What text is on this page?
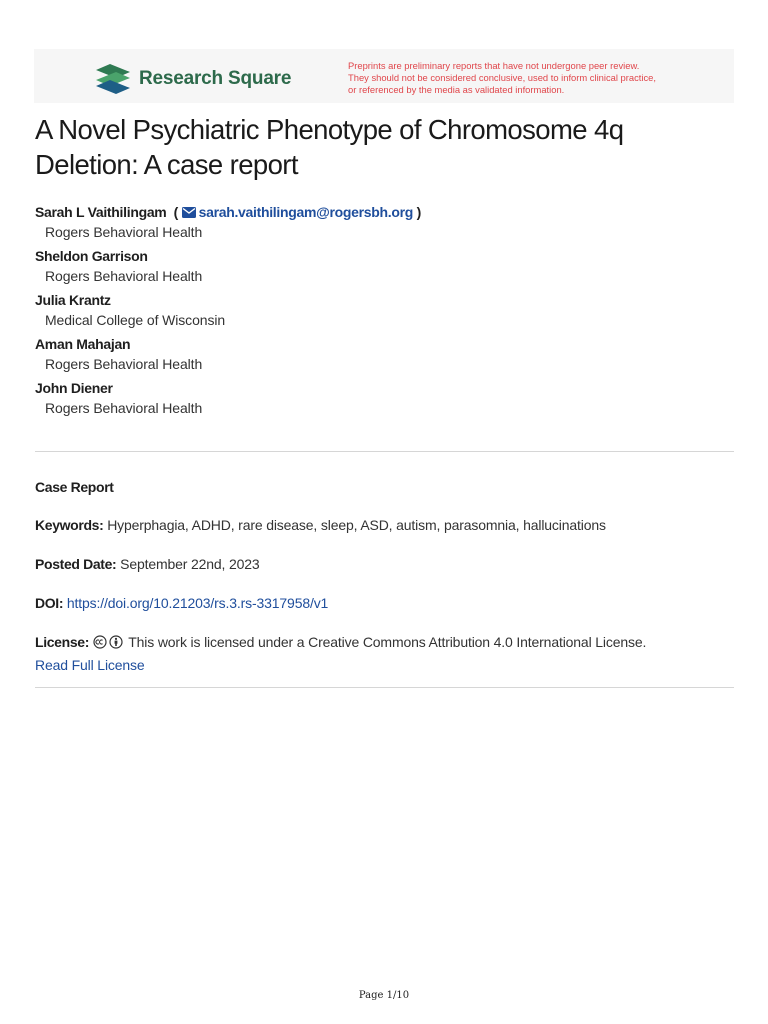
Research Square
Preprints are preliminary reports that have not undergone peer review.
They should not be considered conclusive, used to inform clinical practice,
or referenced by the media as validated information.
A Novel Psychiatric Phenotype of Chromosome 4q
Deletion: A case report
Sarah L Vaithilingam  ( sarah.vaithilingam@rogersbh.org )
Rogers Behavioral Health
Sheldon Garrison
Rogers Behavioral Health
Julia Krantz
Medical College of Wisconsin
Aman Mahajan
Rogers Behavioral Health
John Diener
Rogers Behavioral Health
Case Report
Keywords: Hyperphagia, ADHD, rare disease, sleep, ASD, autism, parasomnia, hallucinations
Posted Date: September 22nd, 2023
DOI: https://doi.org/10.21203/rs.3.rs-3317958/v1
License:	This work is licensed under a Creative Commons Attribution 4.0 International License.
Read Full License
Page 1/10
